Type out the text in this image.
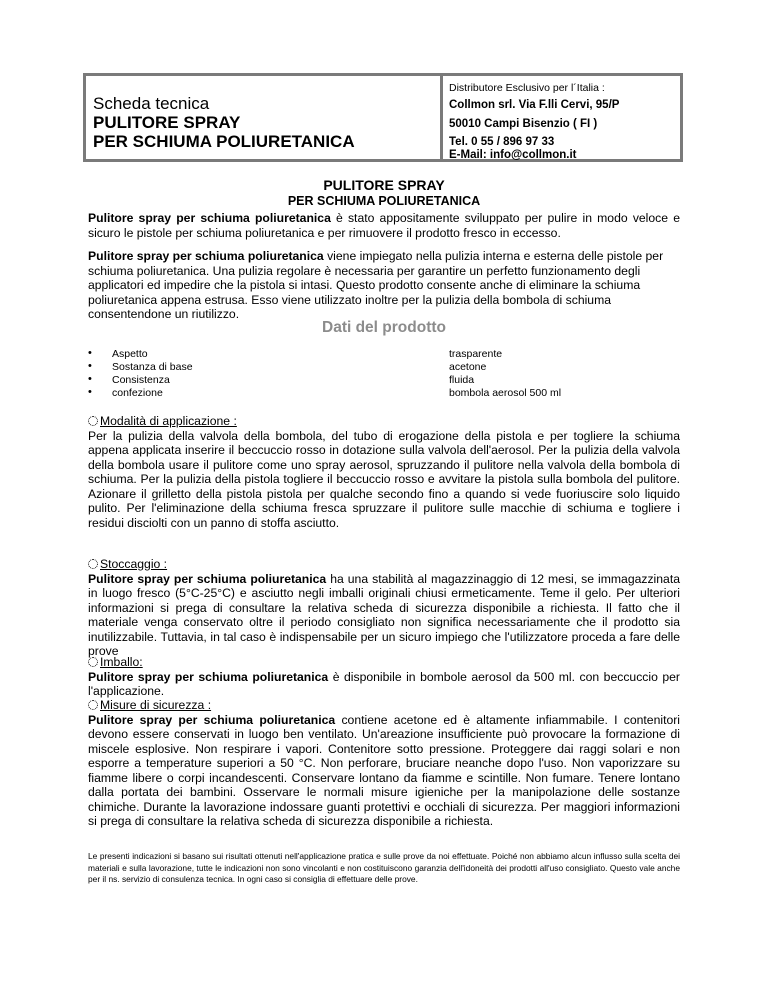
Scheda tecnica
PULITORE SPRAY
PER SCHIUMA POLIURETANICA
Distributore Esclusivo per l´Italia :
Collmon srl. Via F.lli Cervi, 95/P
50010 Campi Bisenzio ( FI )
Tel. 0 55 / 896 97 33
E-Mail: info@collmon.it
PULITORE SPRAY
PER SCHIUMA POLIURETANICA
Pulitore spray per schiuma poliuretanica è stato appositamente sviluppato per pulire in modo veloce e sicuro le pistole per schiuma poliuretanica e per rimuovere il prodotto fresco in eccesso.
Pulitore spray per schiuma poliuretanica viene impiegato nella pulizia interna e esterna delle pistole per schiuma poliuretanica. Una pulizia regolare è necessaria per garantire un perfetto funzionamento degli applicatori ed impedire che la pistola si intasi. Questo prodotto consente anche di eliminare la schiuma poliuretanica appena estrusa. Esso viene utilizzato inoltre per la pulizia della bombola di schiuma consentendone un riutilizzo.
Dati del prodotto
• Aspetto	trasparente
• Sostanza di base	acetone
• Consistenza	fluida
• confezione	bombola aerosol 500 ml
Modalità di applicazione :
Per la pulizia della valvola della bombola, del tubo di erogazione della pistola e per togliere la schiuma appena applicata inserire il beccuccio rosso in dotazione sulla valvola dell'aerosol. Per la pulizia della valvola della bombola usare il pulitore come uno spray aerosol, spruzzando il pulitore nella valvola della bombola di schiuma. Per la pulizia della pistola togliere il beccuccio rosso e avvitare la pistola sulla bombola del pulitore. Azionare il grilletto della pistola pistola per qualche secondo fino a quando si vede fuoriuscire solo liquido pulito. Per l'eliminazione della schiuma fresca spruzzare il pulitore sulle macchie di schiuma e togliere i residui disciolti con un panno di stoffa asciutto.
Stoccaggio :
Pulitore spray per schiuma poliuretanica ha una stabilità al magazzinaggio di 12 mesi, se immagazzinata in luogo fresco (5°C-25°C) e asciutto negli imballi originali chiusi ermeticamente. Teme il gelo. Per ulteriori informazioni si prega di consultare la relativa scheda di sicurezza disponibile a richiesta. Il fatto che il materiale venga conservato oltre il periodo consigliato non significa necessariamente che il prodotto sia inutilizzabile. Tuttavia, in tal caso è indispensabile per un sicuro impiego che l'utilizzatore proceda a fare delle prove
Imballo:
Pulitore spray per schiuma poliuretanica è disponibile in bombole aerosol da 500 ml. con beccuccio per l'applicazione.
Misure di sicurezza :
Pulitore spray per schiuma poliuretanica contiene acetone ed è altamente infiammabile. I contenitori devono essere conservati in luogo ben ventilato. Un'areazione insufficiente può provocare la formazione di miscele esplosive. Non respirare i vapori. Contenitore sotto pressione. Proteggere dai raggi solari e non esporre a temperature superiori a 50 °C. Non perforare, bruciare neanche dopo l'uso. Non vaporizzare su fiamme libere o corpi incandescenti. Conservare lontano da fiamme e scintille. Non fumare. Tenere lontano dalla portata dei bambini. Osservare le normali misure igieniche per la manipolazione delle sostanze chimiche. Durante la lavorazione indossare guanti protettivi e occhiali di sicurezza. Per maggiori informazioni si prega di consultare la relativa scheda di sicurezza disponibile a richiesta.
Le presenti indicazioni si basano sui risultati ottenuti nell'applicazione pratica e sulle prove da noi effettuate. Poiché non abbiamo alcun influsso sulla scelta dei materiali e sulla lavorazione, tutte le indicazioni non sono vincolanti e non costituiscono garanzia dell'idoneità dei prodotti all'uso consigliato. Questo vale anche per il ns. servizio di consulenza tecnica. In ogni caso si consiglia di effettuare delle prove.
